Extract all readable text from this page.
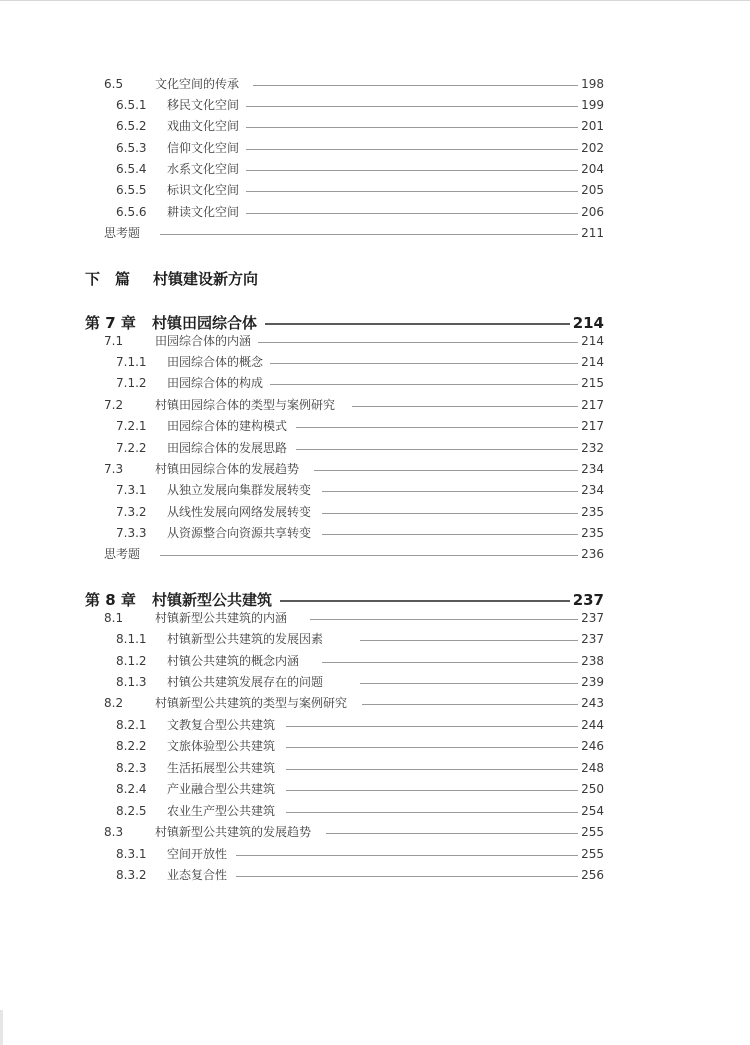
6.5	文化空间的传承	198
6.5.1 移民文化空间	199
6.5.2 戏曲文化空间	201
6.5.3 信仰文化空间	202
6.5.4 水系文化空间	204
6.5.5 标识文化空间	205
6.5.6 耕读文化空间	206
思考题	211
下　篇 村镇建设新方向
第 7 章 村镇田园综合体	214
7.1	田园综合体的内涵	214
7.1.1 田园综合体的概念	214
7.1.2 田园综合体的构成	215
7.2	村镇田园综合体的类型与案例研究	217
7.2.1 田园综合体的建构模式	217
7.2.2 田园综合体的发展思路	232
7.3	村镇田园综合体的发展趋势	234
7.3.1 从独立发展向集群发展转变	234
7.3.2 从线性发展向网络发展转变	235
7.3.3 从资源整合向资源共享转变	235
思考题	236
第 8 章 村镇新型公共建筑	237
8.1	村镇新型公共建筑的内涵	237
8.1.1 村镇新型公共建筑的发展因素	237
8.1.2 村镇公共建筑的概念内涵	238
8.1.3 村镇公共建筑发展存在的问题	239
8.2	村镇新型公共建筑的类型与案例研究	243
8.2.1 文教复合型公共建筑	244
8.2.2 文旅体验型公共建筑	246
8.2.3 生活拓展型公共建筑	248
8.2.4 产业融合型公共建筑	250
8.2.5 农业生产型公共建筑	254
8.3	村镇新型公共建筑的发展趋势	255
8.3.1 空间开放性	255
8.3.2 业态复合性	256
